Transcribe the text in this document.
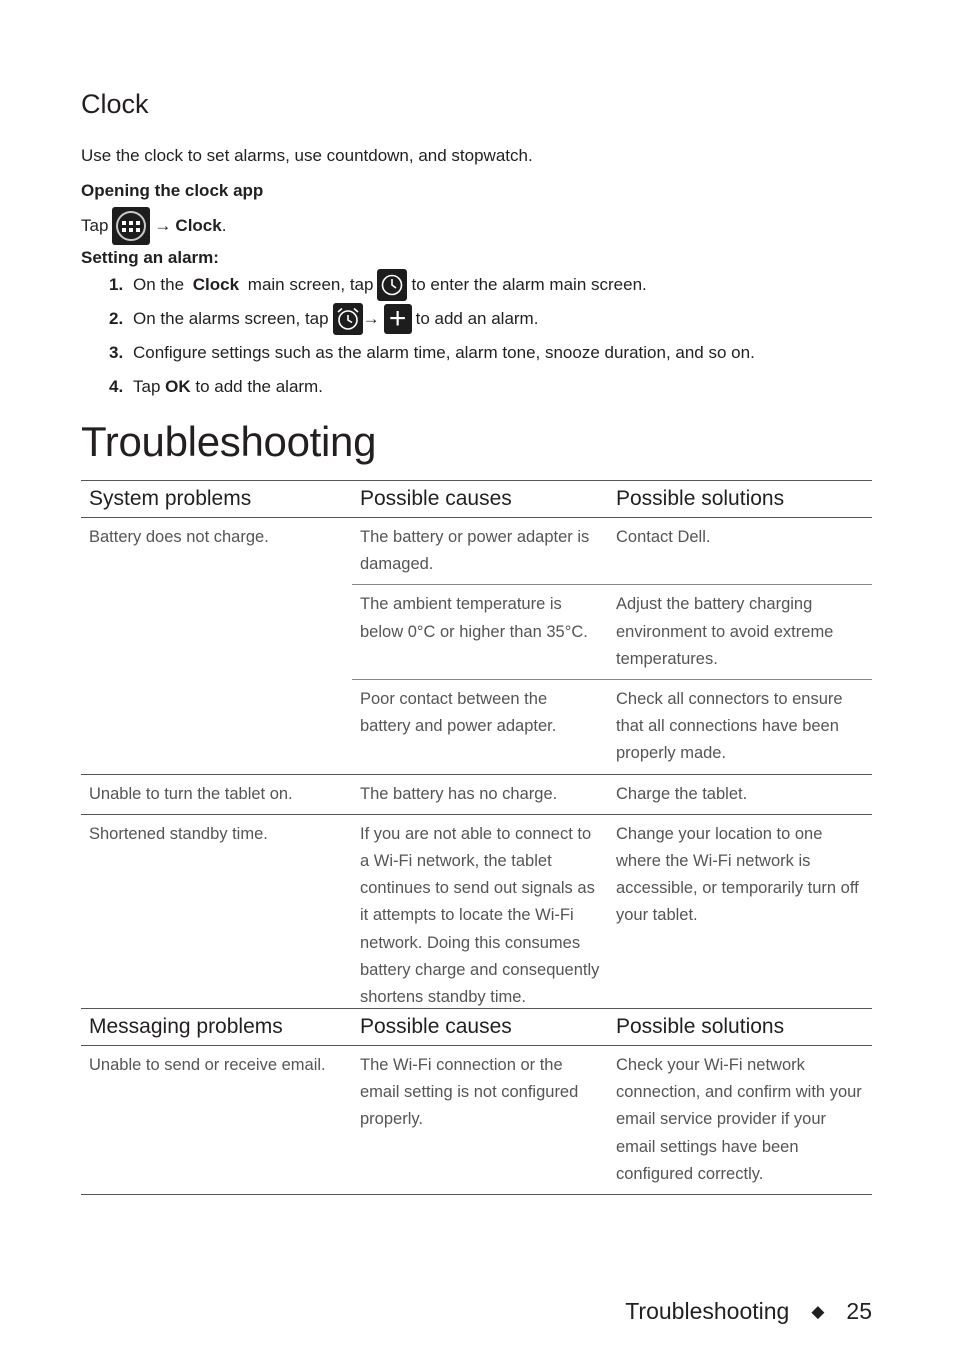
Clock
Use the clock to set alarms, use countdown, and stopwatch.
Opening the clock app
Tap	→ Clock .
Setting an alarm:
1. On the Clock main screen, tap to enter the alarm main screen.
2. On the alarms screen, tap → + to add an alarm.
3. Configure settings such as the alarm time, alarm tone, snooze duration, and so on.
4. Tap OK to add the alarm.
Troubleshooting
System problems	Possible causes	Possible solutions
Battery does not charge.	The battery or power adapter is damaged.	Contact Dell.
	The ambient temperature is below 0°C or higher than 35°C.	Adjust the battery charging environment to avoid extreme temperatures.
	Poor contact between the battery and power adapter.	Check all connectors to ensure that all connections have been properly made.
Unable to turn the tablet on.	The battery has no charge.	Charge the tablet.
Shortened standby time.	If you are not able to connect to a Wi-Fi network, the tablet continues to send out signals as it attempts to locate the Wi-Fi network. Doing this consumes battery charge and consequently shortens standby time.	Change your location to one where the Wi-Fi network is accessible, or temporarily turn off your tablet.
Messaging problems	Possible causes	Possible solutions
Unable to send or receive email.	The Wi-Fi connection or the email setting is not configured properly.	Check your Wi-Fi network connection, and confirm with your email service provider if your email settings have been configured correctly.
Troubleshooting ◆ 25
